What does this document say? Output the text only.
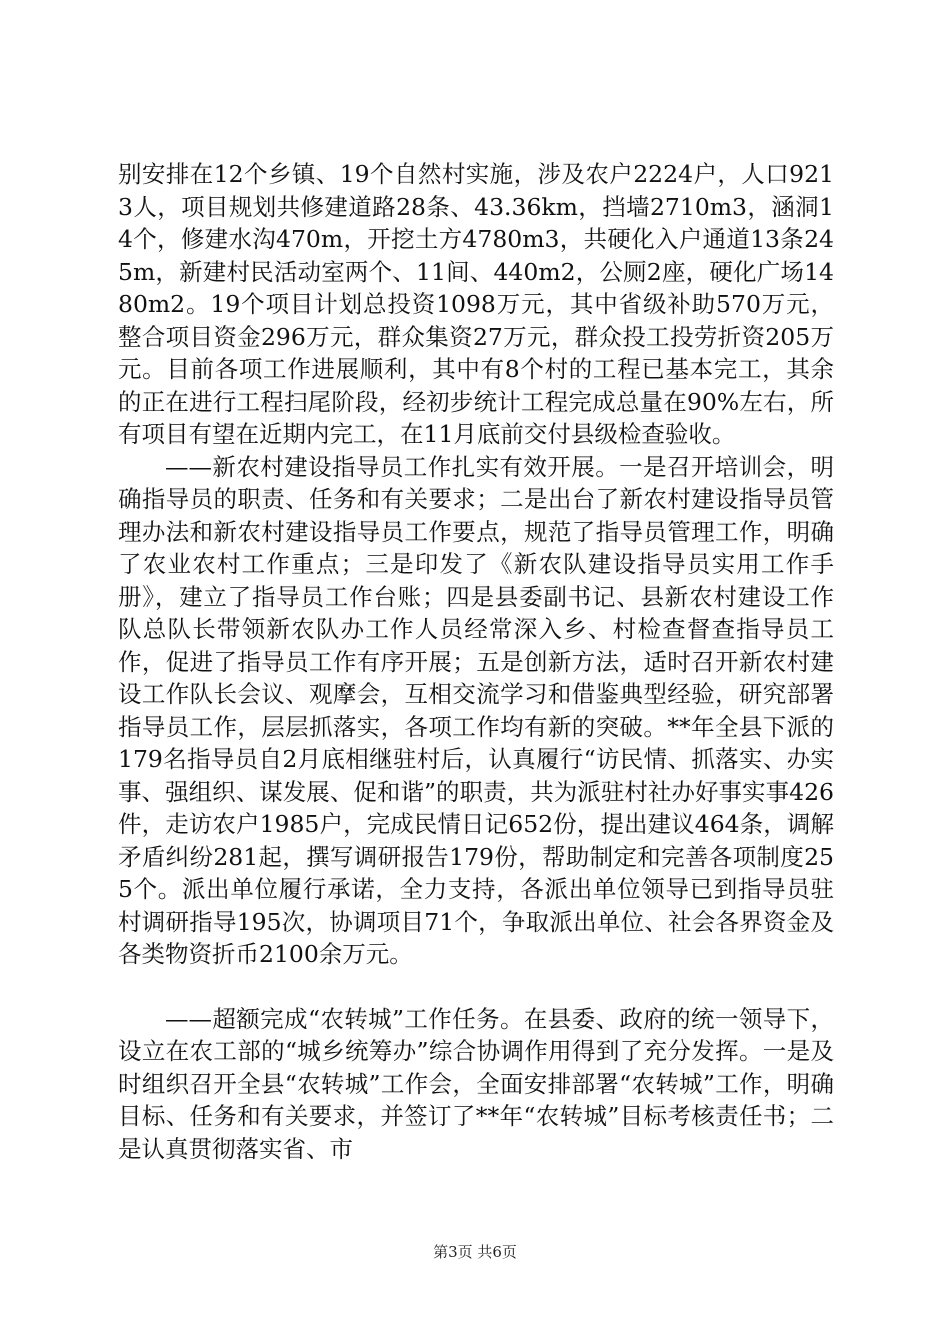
别安排在12个乡镇、19个自然村实施，涉及农户2224户，人口9213人，项目规划共修建道路28条、43.36km，挡墙2710m3，涵洞14个，修建水沟470m，开挖土方4780m3，共硬化入户通道13条245m，新建村民活动室两个、11间、440m2，公厕2座，硬化广场1480m2。19个项目计划总投资1098万元，其中省级补助570万元，整合项目资金296万元，群众集资27万元，群众投工投劳折资205万元。目前各项工作进展顺利，其中有8个村的工程已基本完工，其余的正在进行工程扫尾阶段，经初步统计工程完成总量在90%左右，所有项目有望在近期内完工，在11月底前交付县级检查验收。

——新农村建设指导员工作扎实有效开展。一是召开培训会，明确指导员的职责、任务和有关要求；二是出台了新农村建设指导员管理办法和新农村建设指导员工作要点，规范了指导员管理工作，明确了农业农村工作重点；三是印发了《新农队建设指导员实用工作手册》，建立了指导员工作台账；四是县委副书记、县新农村建设工作队总队长带领新农队办工作人员经常深入乡、村检查督查指导员工作，促进了指导员工作有序开展；五是创新方法，适时召开新农村建设工作队长会议、观摩会，互相交流学习和借鉴典型经验，研究部署指导员工作，层层抓落实，各项工作均有新的突破。**年全县下派的179名指导员自2月底相继驻村后，认真履行“访民情、抓落实、办实事、强组织、谋发展、促和谐”的职责，共为派驻村社办好事实事426件，走访农户1985户，完成民情日记652份，提出建议464条，调解矛盾纠纷281起，撰写调研报告179份，帮助制定和完善各项制度255个。派出单位履行承诺，全力支持，各派出单位领导已到指导员驻村调研指导195次，协调项目71个，争取派出单位、社会各界资金及各类物资折币2100余万元。

——超额完成“农转城”工作任务。在县委、政府的统一领导下，设立在农工部的“城乡统筹办”综合协调作用得到了充分发挥。一是及时组织召开全县“农转城”工作会，全面安排部署“农转城”工作，明确目标、任务和有关要求，并签订了**年“农转城”目标考核责任书；二是认真贯彻落实省、市

第3页 共6页
